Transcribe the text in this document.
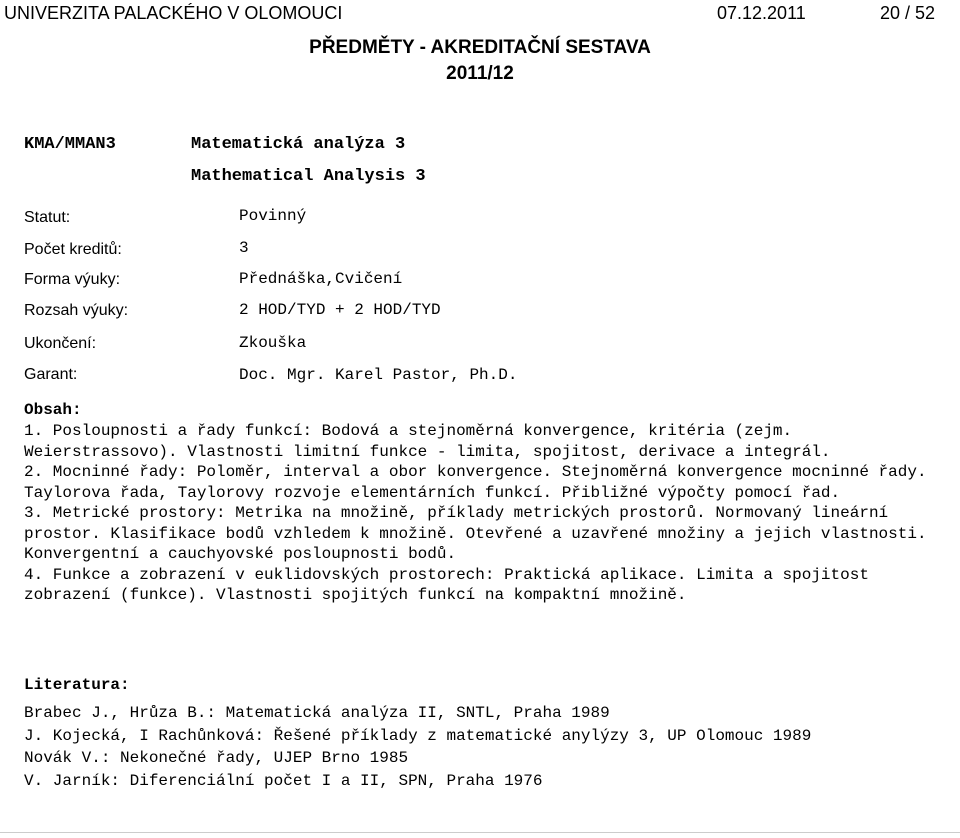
UNIVERZITA PALACKÉHO V OLOMOUCI	07.12.2011	20 / 52
PŘEDMĚTY - AKREDITAČNÍ SESTAVA
2011/12
KMA/MMAN3	Matematická analýza 3
Mathematical Analysis 3
Statut:	Povinný
Počet kreditů:	3
Forma výuky:	Přednáška,Cvičení
Rozsah výuky:	2 HOD/TYD + 2 HOD/TYD
Ukončení:	Zkouška
Garant:	Doc. Mgr. Karel Pastor, Ph.D.
Obsah:

1. Posloupnosti a řady funkcí: Bodová a stejnoměrná konvergence, kritéria (zejm. Weierstrassovo). Vlastnosti limitní funkce - limita, spojitost, derivace a integrál.

2. Mocninné řady: Poloměr, interval a obor konvergence. Stejnoměrná konvergence mocninné řady. Taylorova řada, Taylorovy rozvoje elementárních funkcí. Přibližné výpočty pomocí řad.

3. Metrické prostory: Metrika na množině, příklady metrických prostorů. Normovaný lineární prostor. Klasifikace bodů vzhledem k množině. Otevřené a uzavřené množiny a jejich vlastnosti. Konvergentní a cauchyovské posloupnosti bodů.

4. Funkce a zobrazení v euklidovských prostorech: Praktická aplikace. Limita a spojitost zobrazení (funkce). Vlastnosti spojitých funkcí na kompaktní množině.

Literatura:

Brabec J., Hrůza B.: Matematická analýza II, SNTL, Praha 1989

J. Kojecká, I Rachůnková: Řešené příklady z matematické anylýzy 3, UP Olomouc 1989

Novák V.: Nekonečné řady, UJEP Brno 1985

V. Jarník: Diferenciální počet I a II, SPN, Praha 1976
